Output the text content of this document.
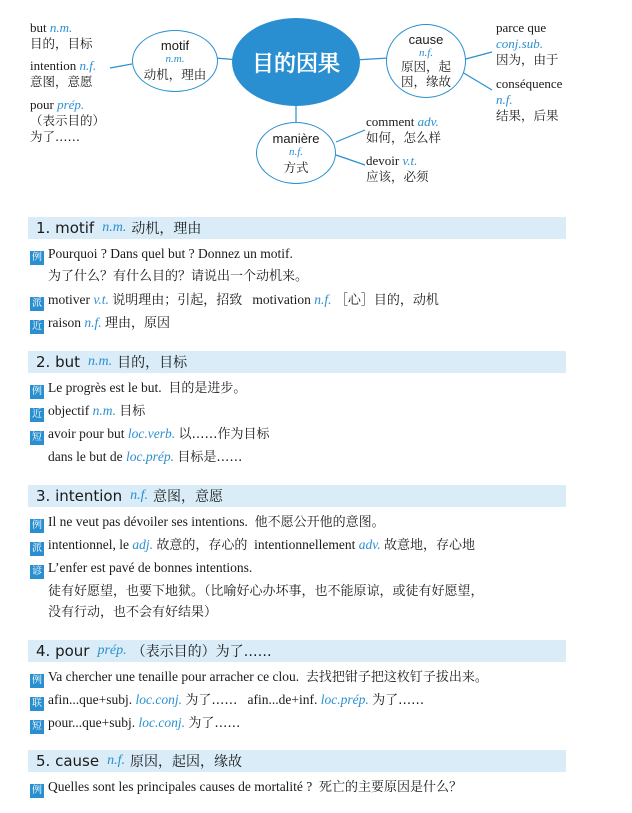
目的因果
motif
n.m.
动机，理由
cause
n.f.
原因，起
因，缘故
manière
n.f.
方式
but n.m.
目的，目标
intention n.f.
意图，意愿
pour prép.
（表示目的）
为了……
parce que
conj.sub.
因为，由于
conséquence
n.f.
结果，后果
comment adv.
如何，怎么样
devoir v.t.
应该，必须
1. motif n.m. 动机，理由
例 Pourquoi ? Dans quel but ? Donnez un motif.
为了什么？有什么目的？请说出一个动机来。
派 motiver v.t. 说明理由；引起，招致 motivation n.f. ［心］目的，动机
近 raison n.f. 理由，原因
2. but n.m. 目的，目标
例 Le progrès est le but. 目的是进步。
近 objectif n.m. 目标
短 avoir pour but loc.verb. 以……作为目标
dans le but de loc.prép. 目标是……
3. intention n.f. 意图，意愿
例 Il ne veut pas dévoiler ses intentions. 他不愿公开他的意图。
派 intentionnel, le adj. 故意的，存心的 intentionnellement adv. 故意地，存心地
谚 L’enfer est pavé de bonnes intentions.
徒有好愿望，也要下地狱。（比喻好心办坏事，也不能原谅，或徒有好愿望，
没有行动，也不会有好结果）
4. pour prép. （表示目的）为了……
例 Va chercher une tenaille pour arracher ce clou. 去找把钳子把这枚钉子拔出来。
联 afin...que+subj. loc.conj. 为了…… afin...de+inf. loc.prép. 为了……
短 pour...que+subj. loc.conj. 为了……
5. cause n.f. 原因，起因，缘故
例 Quelles sont les principales causes de mortalité ? 死亡的主要原因是什么？
